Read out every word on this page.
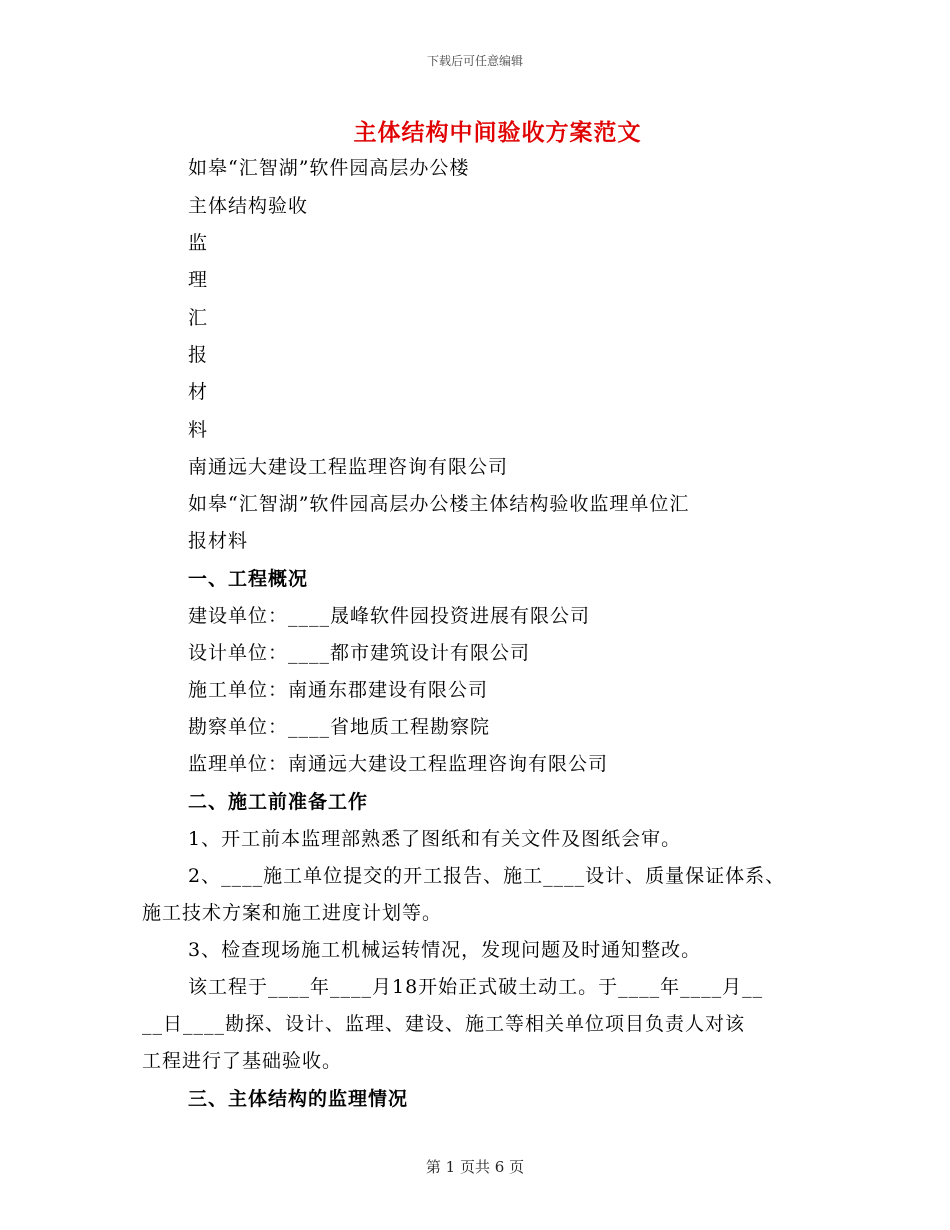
下载后可任意编辑
主体结构中间验收方案范文
如皋“汇智湖”软件园高层办公楼
主体结构验收
监
理
汇
报
材
料
南通远大建设工程监理咨询有限公司
如皋“汇智湖”软件园高层办公楼主体结构验收监理单位汇
报材料
一、工程概况
建设单位：____晟峰软件园投资进展有限公司
设计单位：____都市建筑设计有限公司
施工单位：南通东郡建设有限公司
勘察单位：____省地质工程勘察院
监理单位：南通远大建设工程监理咨询有限公司
二、施工前准备工作
1、开工前本监理部熟悉了图纸和有关文件及图纸会审。
2、____施工单位提交的开工报告、施工____设计、质量保证体系、
施工技术方案和施工进度计划等。
3、检查现场施工机械运转情况，发现问题及时通知整改。
该工程于____年____月18开始正式破土动工。于____年____月__
__日____勘探、设计、监理、建设、施工等相关单位项目负责人对该
工程进行了基础验收。
三、主体结构的监理情况
第 1 页共 6 页
